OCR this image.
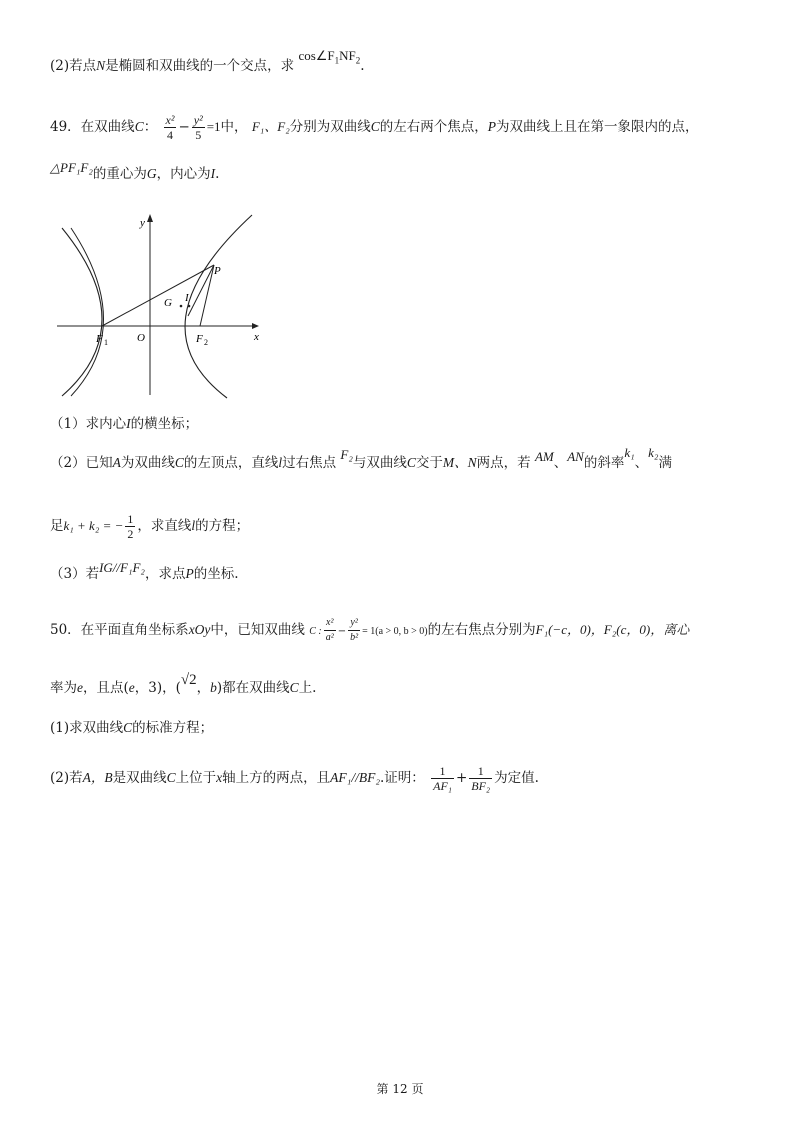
(2)若点N是椭圆和双曲线的一个交点，求 $\cos\angle F_1NF_2$.
49．在双曲线C： $\frac{\text{x²}}{4} - \frac{\text{y²}}{5} =1$中， F₁、F₂分别为双曲线C的左右两个焦点，P为双曲线上且在第一象限内的点，
△PF₁F₂的重心为G，内心为I.
x
y
O
F 1	F 2
P
G I
（1）求内心I的横坐标；
（2）已知A为双曲线C的左顶点，直线l过右焦点 F₂与双曲线C交于M、N两点，若 AM、AN的斜率k₁、k₂满
足k₁ + k₂ = − $\frac{1}{2}$ ，求直线l的方程；
（3）若IG//F₁F₂，求点P的坐标.
50．在平面直角坐标系xOy中，已知双曲线 C : $\frac{\text{x²}}{\text{a²}} - \frac{\text{y²}}{\text{b²}} = 1(a > 0$, b > 0)的左右焦点分别为F₁(−c，0)，F₂(c，0)，离心
率为e，且点(e，3)，(√2，b)都在双曲线C上.
(1)求双曲线C的标准方程；
(2)若A，B是双曲线C上位于x轴上方的两点，且AF₁//BF₂.证明： $\frac{1}{\text{AF₁}} + \frac{1}{\text{BF₂}}$ 为定值.
第 12 页
